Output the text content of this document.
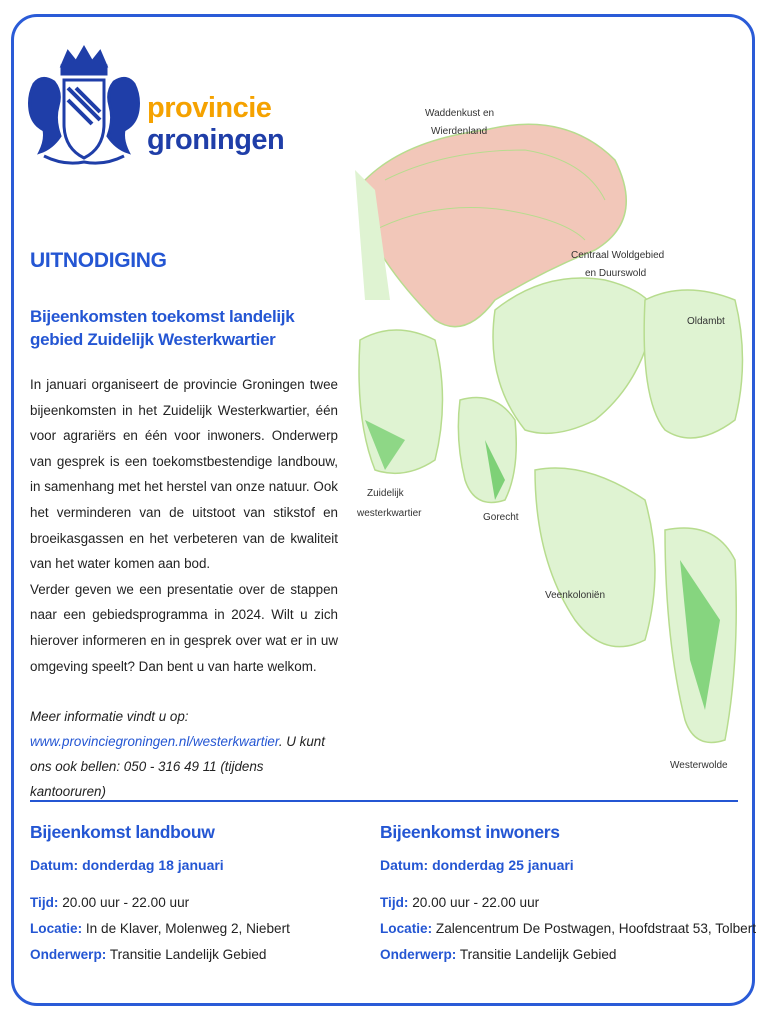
provincie
groningen
Waddenkust en
Wierdenland
Centraal Woldgebied
en Duurswold
Oldambt
Zuidelijk
westerkwartier	Gorecht
Veenkoloniën
Westerwolde
UITNODIGING
Bijeenkomsten toekomst landelijk gebied Zuidelijk Westerkwartier

In januari organiseert de provincie Groningen twee bijeenkomsten in het Zuidelijk Westerkwartier, één voor agrariërs en één voor inwoners. Onderwerp van gesprek is een toekomstbestendige landbouw, in samenhang met het herstel van onze natuur. Ook het verminderen van de uitstoot van stikstof en broeikasgassen en het verbeteren van de kwaliteit van het water komen aan bod.

Verder geven we een presentatie over de stappen naar een gebiedsprogramma in 2024. Wilt u zich hierover informeren en in gesprek over wat er in uw omgeving speelt? Dan bent u van harte welkom.

Meer informatie vindt u op: www.provinciegroningen.nl/westerkwartier. U kunt ons ook bellen: 050 - 316 49 11 (tijdens kantooruren)
Bijeenkomst landbouw
Datum: donderdag 18 januari
Tijd: 20.00 uur - 22.00 uur
Locatie: In de Klaver, Molenweg 2, Niebert
Onderwerp: Transitie Landelijk Gebied
Bijeenkomst inwoners
Datum: donderdag 25 januari
Tijd: 20.00 uur - 22.00 uur
Locatie: Zalencentrum De Postwagen, Hoofdstraat 53, Tolbert
Onderwerp: Transitie Landelijk Gebied
